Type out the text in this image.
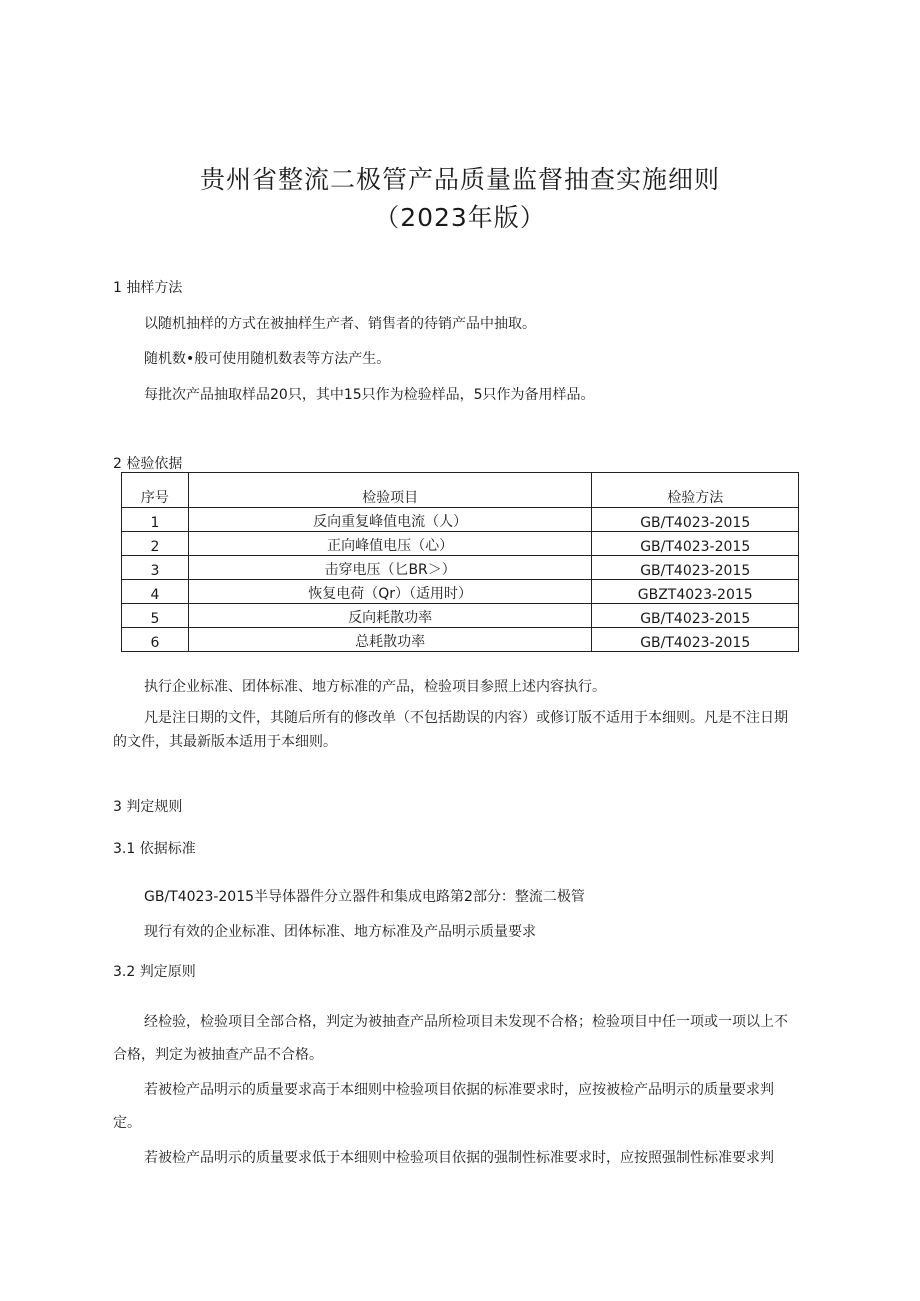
贵州省整流二极管产品质量监督抽查实施细则
（2023年版）
1 抽样方法
以随机抽样的方式在被抽样生产者、销售者的待销产品中抽取。
随机数•般可使用随机数表等方法产生。
每批次产品抽取样品20只，其中15只作为检验样品，5只作为备用样品。
2 检验依据
序号	检验项目	检验方法
1	反向重复峰值电流（人）	GB/T4023-2015
2	正向峰值电压（心）	GB/T4023-2015
3	击穿电压（匕BR＞）	GB/T4023-2015
4	恢复电荷（Qr）（适用时）	GBZT4023-2015
5	反向耗散功率	GB/T4023-2015
6	总耗散功率	GB/T4023-2015
执行企业标准、团体标准、地方标准的产品，检验项目参照上述内容执行。
凡是注日期的文件，其随后所有的修改单（不包括勘误的内容）或修订版不适用于本细则。凡是不注日期的文件，其最新版本适用于本细则。
3 判定规则
3.1 依据标准
GB/T4023-2015半导体器件分立器件和集成电路第2部分：整流二极管
现行有效的企业标准、团体标准、地方标准及产品明示质量要求
3.2 判定原则
经检验，检验项目全部合格，判定为被抽查产品所检项目未发现不合格；检验项目中任一项或一项以上不合格，判定为被抽查产品不合格。
若被检产品明示的质量要求高于本细则中检验项目依据的标准要求时，应按被检产品明示的质量要求判定。
若被检产品明示的质量要求低于本细则中检验项目依据的强制性标准要求时，应按照强制性标准要求判
